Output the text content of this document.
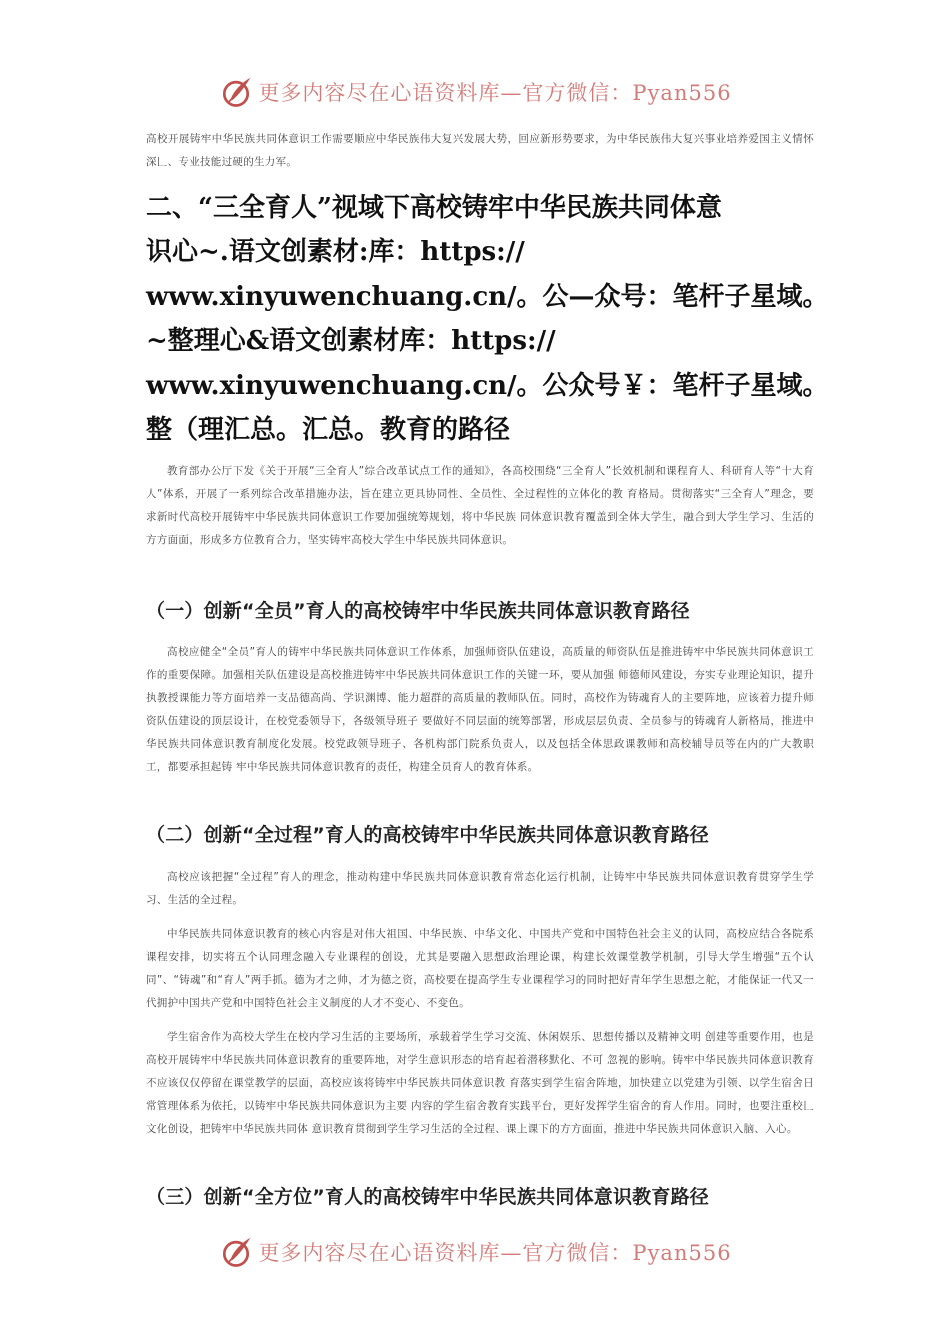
更多内容尽在心语资料库—官方微信：Pyan556

高校开展铸牢中华民族共同体意识工作需要顺应中华民族伟大复兴发展大势，回应新形势要求，为中华民族伟大复兴事业培养爱国主义情怀深𠃊、专业技能过硬的生力军。

二、“三全育人”视域下高校铸牢中华民族共同体意
识心~.语文创素材:库：https://
www.xinyuwenchuang.cn/。公—众号：笔杆子星域。
~整理心&语文创素材库：https://
www.xinyuwenchuang.cn/。公众号￥：笔杆子星域。
整（理汇总。汇总。教育的路径

教育部办公厅下发《关于开展“三全育人”综合改革试点工作的通知》，各高校围绕“三全育人”长效机制和课程育人、科研育人等“十大育人”体系，开展了一系列综合改革措施办法，旨在建立更具协同性、全员性、全过程性的立体化的教 育格局。贯彻落实“三全育人”理念，要求新时代高校开展铸牢中华民族共同体意识工作要加强统筹规划，将中华民族 同体意识教育覆盖到全体大学生，融合到大学生学习、生活的方方面面，形成多方位教育合力，坚实铸牢高校大学生中华民族共同体意识。

（一）创新“全员”育人的高校铸牢中华民族共同体意识教育路径

高校应健全“全员”育人的铸牢中华民族共同体意识工作体系，加强师资队伍建设，高质量的师资队伍是推进铸牢中华民族共同体意识工作的重要保障。加强相关队伍建设是高校推进铸牢中华民族共同体意识工作的关键一环，要从加强 师德师风建设，夯实专业理论知识，提升执教授课能力等方面培养一支品德高尚、学识渊博、能力超群的高质量的教师队伍。同时，高校作为铸魂育人的主要阵地，应该着力提升师资队伍建设的顶层设计，在校党委领导下，各级领导班子 要做好不同层面的统筹部署，形成层层负责、全员参与的铸魂育人新格局，推进中华民族共同体意识教育制度化发展。校党政领导班子、各机构部门院系负责人，以及包括全体思政课教师和高校辅导员等在内的广大教职工，都要承担起铸 牢中华民族共同体意识教育的责任，构建全员育人的教育体系。

（二）创新“全过程”育人的高校铸牢中华民族共同体意识教育路径

高校应该把握“全过程”育人的理念，推动构建中华民族共同体意识教育常态化运行机制，让铸牢中华民族共同体意识教育贯穿学生学习、生活的全过程。

中华民族共同体意识教育的核心内容是对伟大祖国、中华民族、中华文化、中国共产党和中国特色社会主义的认同，高校应结合各院系课程安排，切实将五个认同理念融入专业课程的创设，尤其是要融入思想政治理论课，构建长效课堂教学机制，引导大学生增强“五个认同”、“铸魂”和“育人”两手抓。德为才之帅，才为德之资，高校要在提高学生专业课程学习的同时把好青年学生思想之舵，才能保证一代又一代拥护中国共产党和中国特色社会主义制度的人才不变心、不变色。

学生宿舍作为高校大学生在校内学习生活的主要场所，承载着学生学习交流、休闲娱乐、思想传播以及精神文明 创建等重要作用，也是高校开展铸牢中华民族共同体意识教育的重要阵地，对学生意识形态的培育起着潜移默化、不可 忽视的影响。铸牢中华民族共同体意识教育不应该仅仅停留在课堂教学的层面，高校应该将铸牢中华民族共同体意识教 育落实到学生宿舍阵地，加快建立以党建为引领、以学生宿舍日常管理体系为依托，以铸牢中华民族共同体意识为主要 内容的学生宿舍教育实践平台，更好发挥学生宿舍的育人作用。同时，也要注重校𠃊文化创设，把铸牢中华民族共同体 意识教育贯彻到学生学习生活的全过程、课上课下的方方面面，推进中华民族共同体意识入脑、入心。

（三）创新“全方位”育人的高校铸牢中华民族共同体意识教育路径
更多内容尽在心语资料库—官方微信：Pyan556
